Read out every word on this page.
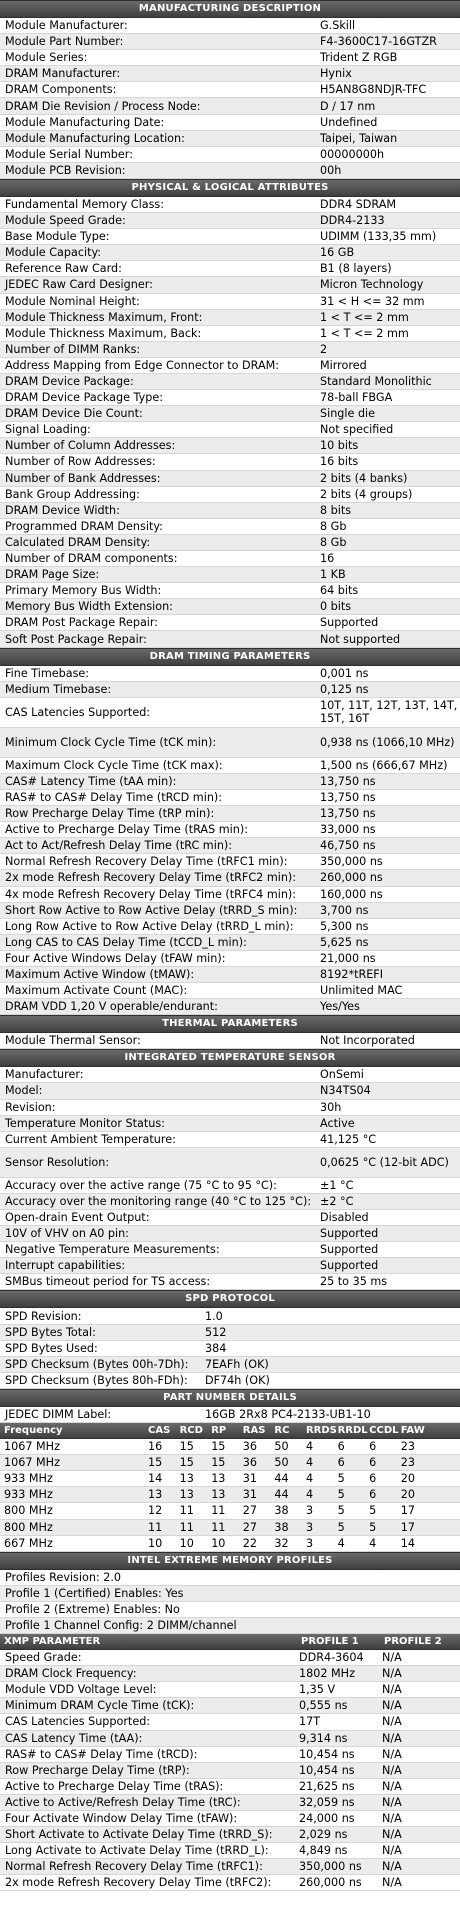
MANUFACTURING DESCRIPTION
Module Manufacturer:	G.Skill
Module Part Number:	F4-3600C17-16GTZR
Module Series:	Trident Z RGB
DRAM Manufacturer:	Hynix
DRAM Components:	H5AN8G8NDJR-TFC
DRAM Die Revision / Process Node:	D / 17 nm
Module Manufacturing Date:	Undefined
Module Manufacturing Location:	Taipei, Taiwan
Module Serial Number:	00000000h
Module PCB Revision:	00h
PHYSICAL & LOGICAL ATTRIBUTES
Fundamental Memory Class:	DDR4 SDRAM
Module Speed Grade:	DDR4-2133
Base Module Type:	UDIMM (133,35 mm)
Module Capacity:	16 GB
Reference Raw Card:	B1 (8 layers)
JEDEC Raw Card Designer:	Micron Technology
Module Nominal Height:	31 < H <= 32 mm
Module Thickness Maximum, Front:	1 < T <= 2 mm
Module Thickness Maximum, Back:	1 < T <= 2 mm
Number of DIMM Ranks:	2
Address Mapping from Edge Connector to DRAM:	Mirrored
DRAM Device Package:	Standard Monolithic
DRAM Device Package Type:	78-ball FBGA
DRAM Device Die Count:	Single die
Signal Loading:	Not specified
Number of Column Addresses:	10 bits
Number of Row Addresses:	16 bits
Number of Bank Addresses:	2 bits (4 banks)
Bank Group Addressing:	2 bits (4 groups)
DRAM Device Width:	8 bits
Programmed DRAM Density:	8 Gb
Calculated DRAM Density:	8 Gb
Number of DRAM components:	16
DRAM Page Size:	1 KB
Primary Memory Bus Width:	64 bits
Memory Bus Width Extension:	0 bits
DRAM Post Package Repair:	Supported
Soft Post Package Repair:	Not supported
DRAM TIMING PARAMETERS
Fine Timebase:	0,001 ns
Medium Timebase:	0,125 ns
CAS Latencies Supported:	10T, 11T, 12T, 13T, 14T, 15T, 16T
Minimum Clock Cycle Time (tCK min):	0,938 ns (1066,10 MHz)
Maximum Clock Cycle Time (tCK max):	1,500 ns (666,67 MHz)
CAS# Latency Time (tAA min):	13,750 ns
RAS# to CAS# Delay Time (tRCD min):	13,750 ns
Row Precharge Delay Time (tRP min):	13,750 ns
Active to Precharge Delay Time (tRAS min):	33,000 ns
Act to Act/Refresh Delay Time (tRC min):	46,750 ns
Normal Refresh Recovery Delay Time (tRFC1 min):	350,000 ns
2x mode Refresh Recovery Delay Time (tRFC2 min):	260,000 ns
4x mode Refresh Recovery Delay Time (tRFC4 min):	160,000 ns
Short Row Active to Row Active Delay (tRRD_S min):	3,700 ns
Long Row Active to Row Active Delay (tRRD_L min):	5,300 ns
Long CAS to CAS Delay Time (tCCD_L min):	5,625 ns
Four Active Windows Delay (tFAW min):	21,000 ns
Maximum Active Window (tMAW):	8192*tREFI
Maximum Activate Count (MAC):	Unlimited MAC
DRAM VDD 1,20 V operable/endurant:	Yes/Yes
THERMAL PARAMETERS
Module Thermal Sensor:	Not Incorporated
INTEGRATED TEMPERATURE SENSOR
Manufacturer:	OnSemi
Model:	N34TS04
Revision:	30h
Temperature Monitor Status:	Active
Current Ambient Temperature:	41,125 °C
Sensor Resolution:	0,0625 °C (12-bit ADC)
Accuracy over the active range (75 °C to 95 °C):	±1 °C
Accuracy over the monitoring range (40 °C to 125 °C): ±2 °C
Open-drain Event Output:	Disabled
10V of VHV on A0 pin:	Supported
Negative Temperature Measurements:	Supported
Interrupt capabilities:	Supported
SMBus timeout period for TS access:	25 to 35 ms
SPD PROTOCOL
SPD Revision:	1.0
SPD Bytes Total:	512
SPD Bytes Used:	384
SPD Checksum (Bytes 00h-7Dh):	7EAFh (OK)
SPD Checksum (Bytes 80h-FDh):	DF74h (OK)
PART NUMBER DETAILS
JEDEC DIMM Label:	16GB 2Rx8 PC4-2133-UB1-10
Frequency	CAS RCD RP	RAS RC	RRDS RRDL CCDL FAW
1067 MHz	16	15	15	36	50	4	6	6	23
1067 MHz	15	15	15	36	50	4	6	6	23
933 MHz	14	13	13	31	44	4	5	6	20
933 MHz	13	13	13	31	44	4	5	6	20
800 MHz	12	11	11	27	38	3	5	5	17
800 MHz	11	11	11	27	38	3	5	5	17
667 MHz	10	10	10	22	32	3	4	4	14
INTEL EXTREME MEMORY PROFILES
Profiles Revision: 2.0
Profile 1 (Certified) Enables: Yes
Profile 2 (Extreme) Enables: No
Profile 1 Channel Config: 2 DIMM/channel
XMP PARAMETER	PROFILE 1	PROFILE 2
Speed Grade:	DDR4-3604	N/A
DRAM Clock Frequency:	1802 MHz	N/A
Module VDD Voltage Level:	1,35 V	N/A
Minimum DRAM Cycle Time (tCK):	0,555 ns	N/A
CAS Latencies Supported:	17T	N/A
CAS Latency Time (tAA):	9,314 ns	N/A
RAS# to CAS# Delay Time (tRCD):	10,454 ns	N/A
Row Precharge Delay Time (tRP):	10,454 ns	N/A
Active to Precharge Delay Time (tRAS):	21,625 ns	N/A
Active to Active/Refresh Delay Time (tRC):	32,059 ns	N/A
Four Activate Window Delay Time (tFAW):	24,000 ns	N/A
Short Activate to Activate Delay Time (tRRD_S):	2,029 ns	N/A
Long Activate to Activate Delay Time (tRRD_L):	4,849 ns	N/A
Normal Refresh Recovery Delay Time (tRFC1):	350,000 ns	N/A
2x mode Refresh Recovery Delay Time (tRFC2):	260,000 ns	N/A
